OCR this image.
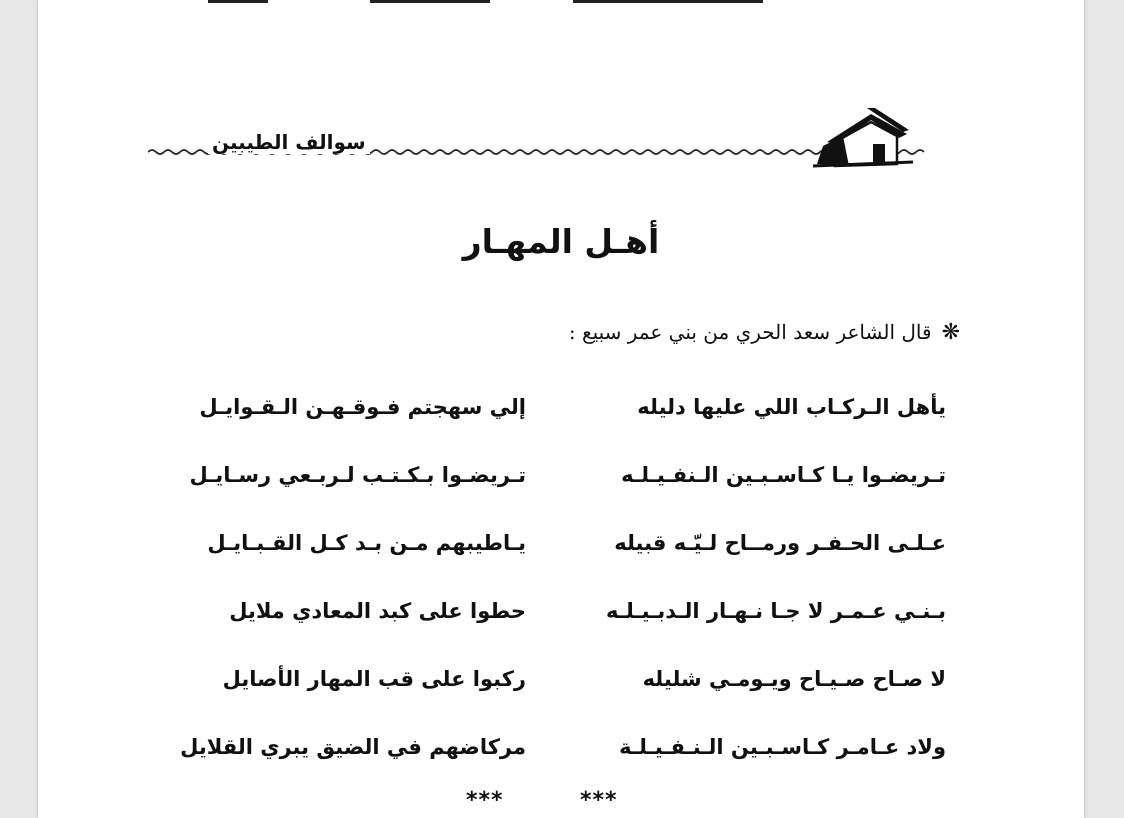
سوالف الطيبين
أهـل المهـار
❋قال الشاعر سعد الحري من بني عمر سبيع :
يأهل الـركـاب اللي عليها دليله
إلي سهجتم فـوقـهـن الـقـوايـل
تـريضـوا يـا كـاسـبـين الـنفـيـلـه
تـريضـوا بـكـتـب لـربـعي رسـايـل
عـلـى الحـفـر ورمــاح لـيّـه قبيله
يـاطيبهم مـن بـد كـل القـبـايـل
بـنـي عـمـر لا جـا نـهـار الـدبـيـلـه
حطوا على كبد المعادي ملايل
لا صـاح صـيـاح ويـومـي شليله
ركبوا على قب المهار الأصايل
ولاد عـامـر كـاسـبـين الـنـفـيـلـة
مركاضهم في الضيق يبري القلايل
***	***
